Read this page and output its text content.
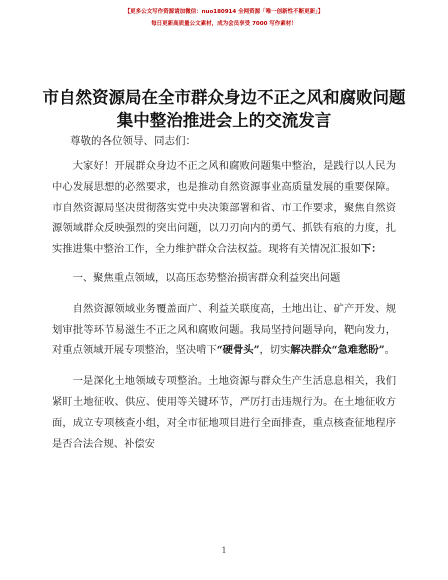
【更多公文写作资源请加微信：nuo180914 全网资源「唯一创新性不断更新」】
每日更新高质量公文素材，成为会员享受 7000 写作素材！
市自然资源局在全市群众身边不正之风和腐败问题集中整治推进会上的交流发言
尊敬的各位领导、同志们：

大家好！开展群众身边不正之风和腐败问题集中整治，是践行以人民为中心发展思想的必然要求，也是推动自然资源事业高质量发展的重要保障。市自然资源局坚决贯彻落实党中央决策部署和省、市工作要求，聚焦自然资源领域群众反映强烈的突出问题，以刀刃向内的勇气、抓铁有痕的力度，扎实推进集中整治工作，全力维护群众合法权益。现将有关情况汇报如下：

一、聚焦重点领域，以高压态势整治损害群众利益突出问题

自然资源领域业务覆盖面广、利益关联度高，土地出让、矿产开发、规划审批等环节易滋生不正之风和腐败问题。我局坚持问题导向，靶向发力，对重点领域开展专项整治，坚决啃下“硬骨头”，切实解决群众“急难愁盼”。

一是深化土地领域专项整治。土地资源与群众生产生活息息相关，我们紧盯土地征收、供应、使用等关键环节，严厉打击违规行为。在土地征收方面，成立专项核查小组，对全市征地项目进行全面排查，重点核查征地程序是否合法合规、补偿安

1
